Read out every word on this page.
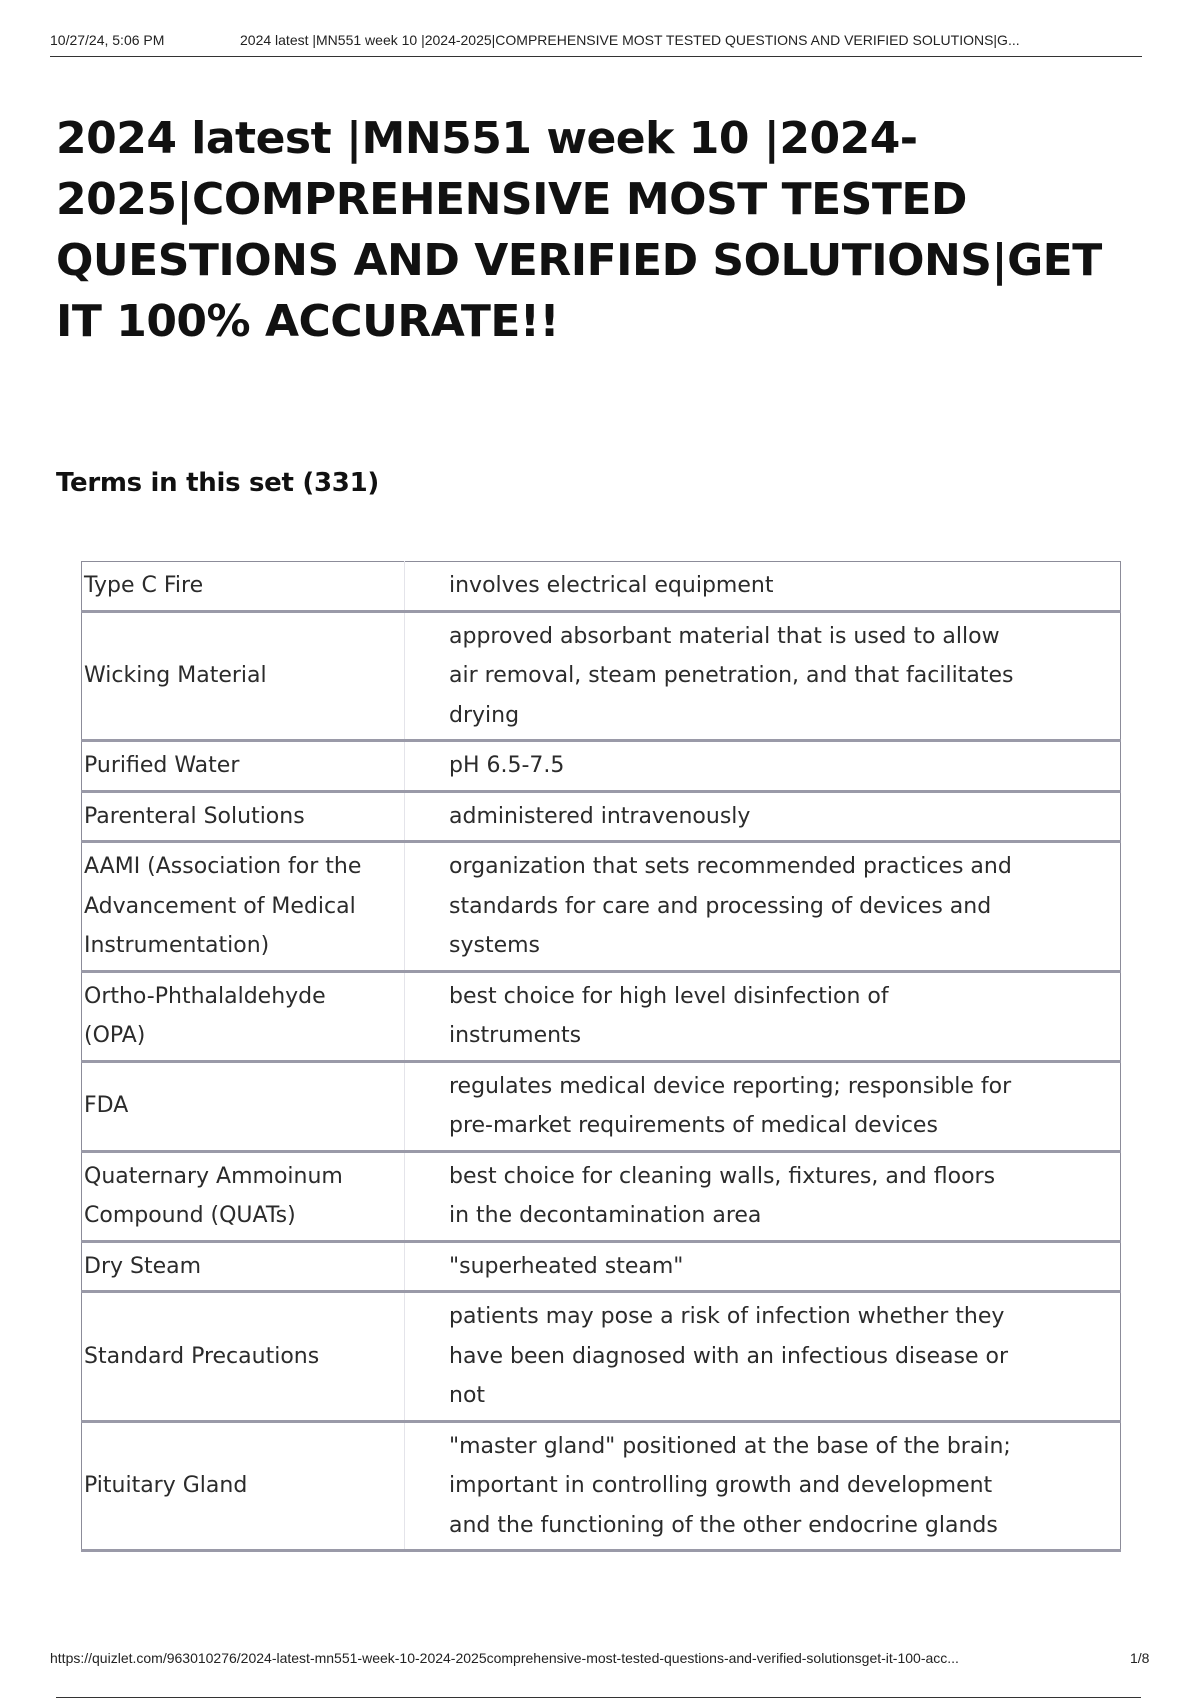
10/27/24, 5:06 PM	2024 latest |MN551 week 10 |2024-2025|COMPREHENSIVE MOST TESTED QUESTIONS AND VERIFIED SOLUTIONS|G...
2024 latest |MN551 week 10 |2024-2025|COMPREHENSIVE MOST TESTED QUESTIONS AND VERIFIED SOLUTIONS|GET IT 100% ACCURATE!!
Terms in this set (331)
Type C Fire	involves electrical equipment
Wicking Material	approved absorbant material that is used to allow air removal, steam penetration, and that facilitates drying
Purified Water	pH 6.5-7.5
Parenteral Solutions	administered intravenously
AAMI (Association for the Advancement of Medical Instrumentation)	organization that sets recommended practices and standards for care and processing of devices and systems
Ortho-Phthalaldehyde (OPA)	best choice for high level disinfection of instruments
FDA	regulates medical device reporting; responsible for pre-market requirements of medical devices
Quaternary Ammoinum Compound (QUATs)	best choice for cleaning walls, fixtures, and floors in the decontamination area
Dry Steam	"superheated steam"
Standard Precautions	patients may pose a risk of infection whether they have been diagnosed with an infectious disease or not
Pituitary Gland	"master gland" positioned at the base of the brain; important in controlling growth and development and the functioning of the other endocrine glands
https://quizlet.com/963010276/2024-latest-mn551-week-10-2024-2025comprehensive-most-tested-questions-and-verified-solutionsget-it-100-acc...	1/8
